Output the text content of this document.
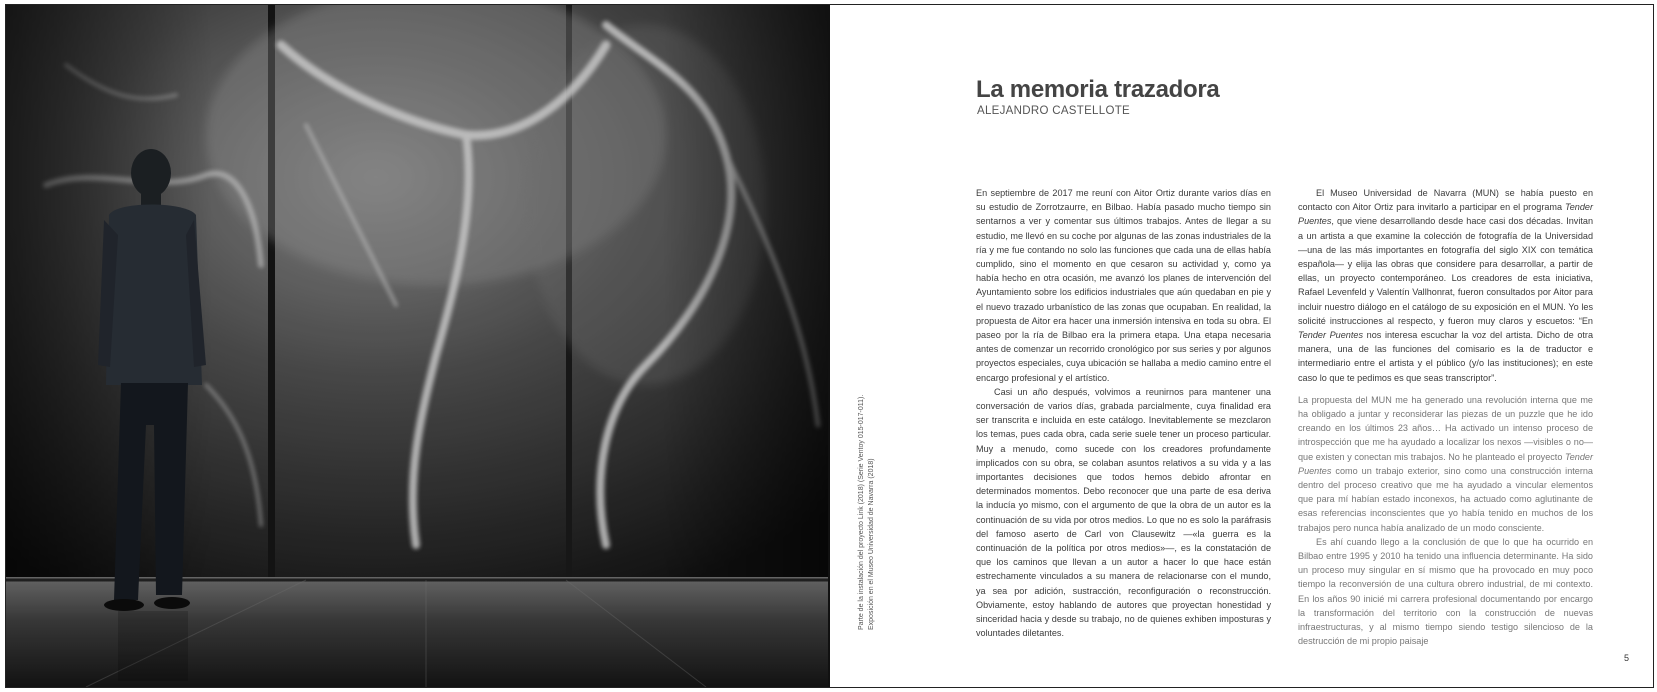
Parte de la instalación del proyecto Link (2018) (Serie Ventoy 015-017-011). Exposición en el Museo Universidad de Navarra (2018)
La memoria trazadora
ALEJANDRO CASTELLOTE

En septiembre de 2017 me reuní con Aitor Ortiz durante varios días en su estudio de Zorrotzaurre, en Bilbao. Había pasado mucho tiempo sin sentarnos a ver y comentar sus últimos trabajos. Antes de llegar a su estudio, me llevó en su coche por algunas de las zonas industriales de la ría y me fue contando no solo las funciones que cada una de ellas había cumplido, sino el momento en que cesaron su actividad y, como ya había hecho en otra ocasión, me avanzó los planes de intervención del Ayuntamiento sobre los edificios industriales que aún quedaban en pie y el nuevo trazado urbanístico de las zonas que ocupaban. En realidad, la propuesta de Aitor era hacer una inmersión intensiva en toda su obra. El paseo por la ría de Bilbao era la primera etapa. Una etapa necesaria antes de comenzar un recorrido cronológico por sus series y por algunos proyectos especiales, cuya ubicación se hallaba a medio camino entre el encargo profesional y el artístico.

Casi un año después, volvimos a reunirnos para mantener una conversación de varios días, grabada parcialmente, cuya finalidad era ser transcrita e incluida en este catálogo. Inevitablemente se mezclaron los temas, pues cada obra, cada serie suele tener un proceso particular. Muy a menudo, como sucede con los creadores profundamente implicados con su obra, se colaban asuntos relativos a su vida y a las importantes decisiones que todos hemos debido afrontar en determinados momentos. Debo reconocer que una parte de esa deriva la inducía yo mismo, con el argumento de que la obra de un autor es la continuación de su vida por otros medios. Lo que no es solo la paráfrasis del famoso aserto de Carl von Clausewitz —«la guerra es la continuación de la política por otros medios»—, es la constatación de que los caminos que llevan a un autor a hacer lo que hace están estrechamente vinculados a su manera de relacionarse con el mundo, ya sea por adición, sustracción, reconfiguración o reconstrucción. Obviamente, estoy hablando de autores que proyectan honestidad y sinceridad hacia y desde su trabajo, no de quienes exhiben imposturas y voluntades diletantes.

El Museo Universidad de Navarra (MUN) se había puesto en contacto con Aitor Ortiz para invitarlo a participar en el programa Tender Puentes, que viene desarrollando desde hace casi dos décadas. Invitan a un artista a que examine la colección de fotografía de la Universidad —una de las más importantes en fotografía del siglo XIX con temática española— y elija las obras que considere para desarrollar, a partir de ellas, un proyecto contemporáneo. Los creadores de esta iniciativa, Rafael Levenfeld y Valentín Vallhonrat, fueron consultados por Aitor para incluir nuestro diálogo en el catálogo de su exposición en el MUN. Yo les solicité instrucciones al respecto, y fueron muy claros y escuetos: “En Tender Puentes nos interesa escuchar la voz del artista. Dicho de otra manera, una de las funciones del comisario es la de traductor e intermediario entre el artista y el público (y/o las instituciones); en este caso lo que te pedimos es que seas transcriptor”.

La propuesta del MUN me ha generado una revolución interna que me ha obligado a juntar y reconsiderar las piezas de un puzzle que he ido creando en los últimos 23 años… Ha activado un intenso proceso de introspección que me ha ayudado a localizar los nexos —visibles o no— que existen y conectan mis trabajos. No he planteado el proyecto Tender Puentes como un trabajo exterior, sino como una construcción interna dentro del proceso creativo que me ha ayudado a vincular elementos que para mí habían estado inconexos, ha actuado como aglutinante de esas referencias inconscientes que yo había tenido en muchos de los trabajos pero nunca había analizado de un modo consciente.

Es ahí cuando llego a la conclusión de que lo que ha ocurrido en Bilbao entre 1995 y 2010 ha tenido una influencia determinante. Ha sido un proceso muy singular en sí mismo que ha provocado en muy poco tiempo la reconversión de una cultura obrero industrial, de mi contexto. En los años 90 inicié mi carrera profesional documentando por encargo la transformación del territorio con la construcción de nuevas infraestructuras, y al mismo tiempo siendo testigo silencioso de la destrucción de mi propio paisaje

5
